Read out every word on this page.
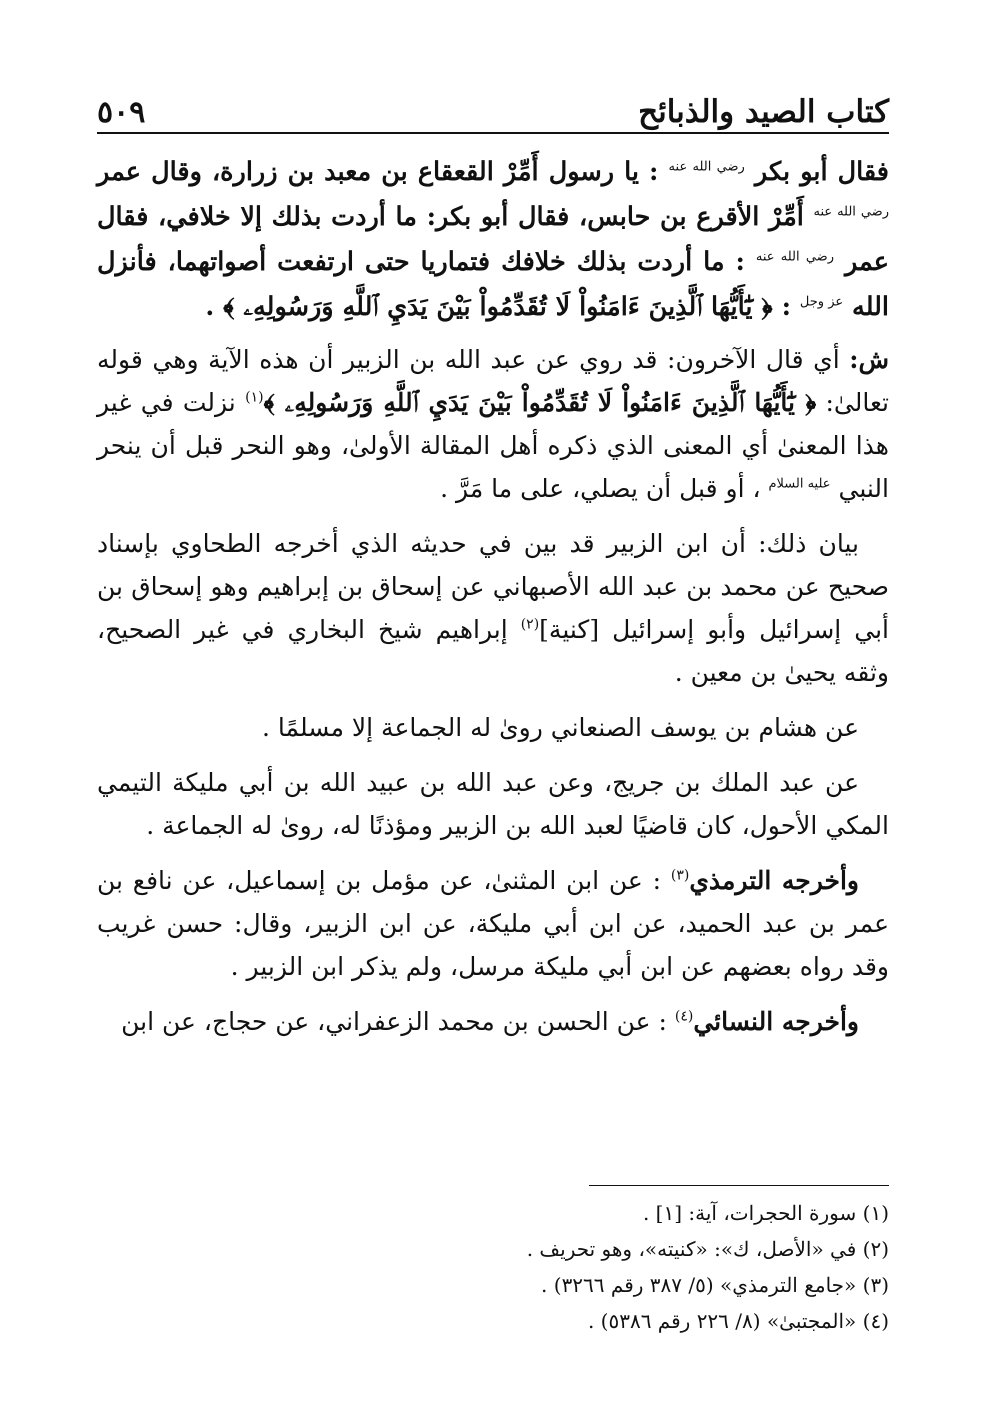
كتاب الصيد والذبائح
٥٠٩

فقال أبو بكر $^{رضي الله عنه}$ : يا رسول أَمِّرْ القعقاع بن معبد بن زرارة، وقال عمر $^{رضي الله عنه}$ أَمِّرْ الأقرع بن حابس، فقال أبو بكر: ما أردت بذلك إلا خلافي، فقال عمر $^{رضي الله عنه}$ : ما أردت بذلك خلافك فتماريا حتى ارتفعت أصواتهما، فأنزل الله $^{عز وجل}$ : ﴿ يَٰٓأَيُّهَا ٱلَّذِينَ ءَامَنُواْ لَا تُقَدِّمُواْ بَيْنَ يَدَيِ ٱللَّهِ وَرَسُولِهِۦ ﴾ .

ش: أي قال الآخرون: قد روي عن عبد الله بن الزبير أن هذه الآية وهي قوله تعالىٰ: ﴿ يَٰٓأَيُّهَا ٱلَّذِينَ ءَامَنُواْ لَا تُقَدِّمُواْ بَيْنَ يَدَيِ ٱللَّهِ وَرَسُولِهِۦ ﴾$^{(١)}$ نزلت في غير هذا المعنىٰ أي المعنى الذي ذكره أهل المقالة الأولىٰ، وهو النحر قبل أن ينحر النبي $^{عليه السلام}$ ، أو قبل أن يصلي، على ما مَرَّ .

بيان ذلك: أن ابن الزبير قد بين في حديثه الذي أخرجه الطحاوي بإسناد صحيح عن محمد بن عبد الله الأصبهاني عن إسحاق بن إبراهيم وهو إسحاق بن أبي إسرائيل وأبو إسرائيل [كنية]$^{(٢)}$ إبراهيم شيخ البخاري في غير الصحيح، وثقه يحيىٰ بن معين .

عن هشام بن يوسف الصنعاني روىٰ له الجماعة إلا مسلمًا .

عن عبد الملك بن جريج، وعن عبد الله بن عبيد الله بن أبي مليكة التيمي المكي الأحول، كان قاضيًا لعبد الله بن الزبير ومؤذنًا له، روىٰ له الجماعة .

وأخرجه الترمذي$^{(٣)}$ : عن ابن المثنىٰ، عن مؤمل بن إسماعيل، عن نافع بن عمر بن عبد الحميد، عن ابن أبي مليكة، عن ابن الزبير، وقال: حسن غريب وقد رواه بعضهم عن ابن أبي مليكة مرسل، ولم يذكر ابن الزبير .

وأخرجه النسائي$^{(٤)}$ : عن الحسن بن محمد الزعفراني، عن حجاج، عن ابن

(١) سورة الحجرات، آية: [١] .

(٢) في «الأصل، ك»: «كنيته»، وهو تحريف .

(٣) «جامع الترمذي» (٥/ ٣٨٧ رقم ٣٢٦٦) .

(٤) «المجتبىٰ» (٨/ ٢٢٦ رقم ٥٣٨٦) .
